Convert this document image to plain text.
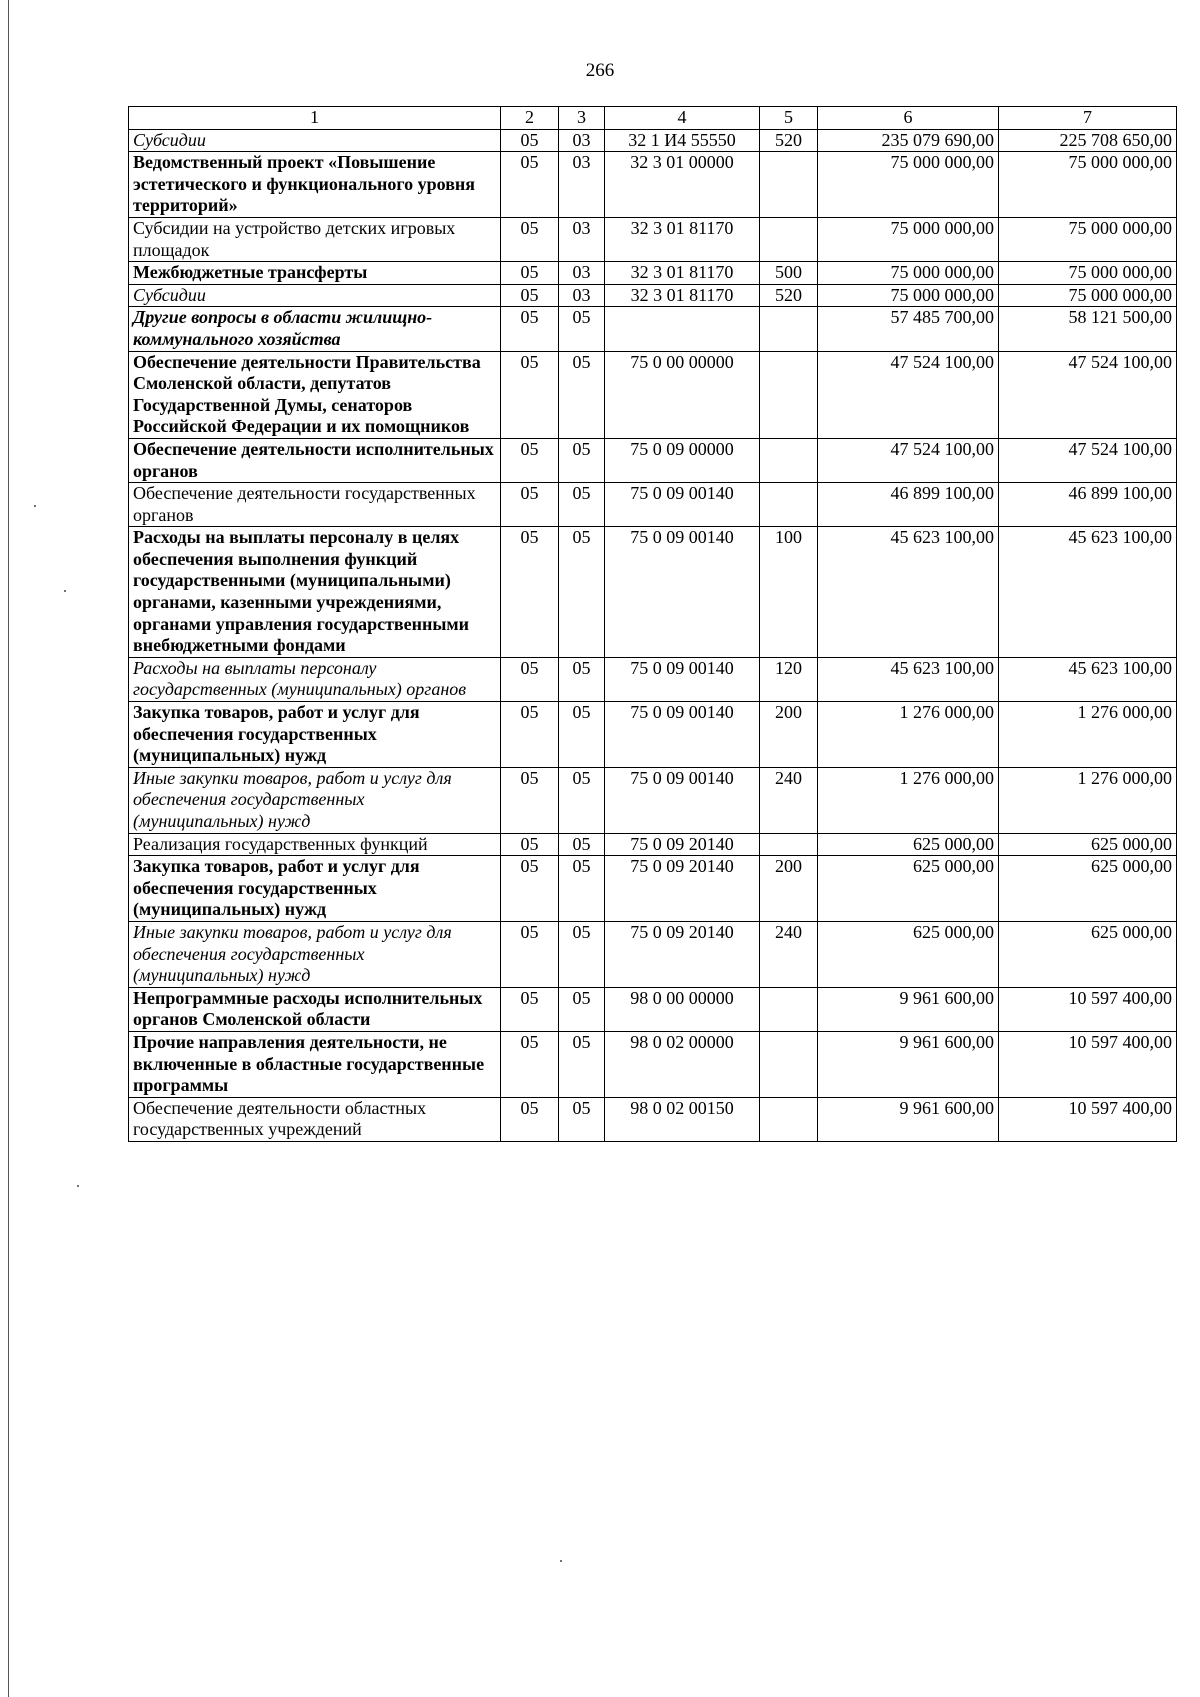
266
1	2	3	4	5	6	7
Субсидии	05	03	32 1 И4 55550	520	235 079 690,00	225 708 650,00
Ведомственный проект «Повышение эстетического и функционального уровня территорий»	05	03	32 3 01 00000		75 000 000,00	75 000 000,00
Субсидии на устройство детских игровых площадок	05	03	32 3 01 81170		75 000 000,00	75 000 000,00
Межбюджетные трансферты	05	03	32 3 01 81170	500	75 000 000,00	75 000 000,00
Субсидии	05	03	32 3 01 81170	520	75 000 000,00	75 000 000,00
Другие вопросы в области жилищно-коммунального хозяйства	05	05			57 485 700,00	58 121 500,00
Обеспечение деятельности Правительства Смоленской области, депутатов Государственной Думы, сенаторов Российской Федерации и их помощников	05	05	75 0 00 00000		47 524 100,00	47 524 100,00
Обеспечение деятельности исполнительных органов	05	05	75 0 09 00000		47 524 100,00	47 524 100,00
Обеспечение деятельности государственных органов	05	05	75 0 09 00140		46 899 100,00	46 899 100,00
Расходы на выплаты персоналу в целях обеспечения выполнения функций государственными (муниципальными) органами, казенными учреждениями, органами управления государственными внебюджетными фондами	05	05	75 0 09 00140	100	45 623 100,00	45 623 100,00
Расходы на выплаты персоналу государственных (муниципальных) органов	05	05	75 0 09 00140	120	45 623 100,00	45 623 100,00
Закупка товаров, работ и услуг для обеспечения государственных (муниципальных) нужд	05	05	75 0 09 00140	200	1 276 000,00	1 276 000,00
Иные закупки товаров, работ и услуг для обеспечения государственных (муниципальных) нужд	05	05	75 0 09 00140	240	1 276 000,00	1 276 000,00
Реализация государственных функций	05	05	75 0 09 20140		625 000,00	625 000,00
Закупка товаров, работ и услуг для обеспечения государственных (муниципальных) нужд	05	05	75 0 09 20140	200	625 000,00	625 000,00
Иные закупки товаров, работ и услуг для обеспечения государственных (муниципальных) нужд	05	05	75 0 09 20140	240	625 000,00	625 000,00
Непрограммные расходы исполнительных органов Смоленской области	05	05	98 0 00 00000		9 961 600,00	10 597 400,00
Прочие направления деятельности, не включенные в областные государственные программы	05	05	98 0 02 00000		9 961 600,00	10 597 400,00
Обеспечение деятельности областных государственных учреждений	05	05	98 0 02 00150		9 961 600,00	10 597 400,00
